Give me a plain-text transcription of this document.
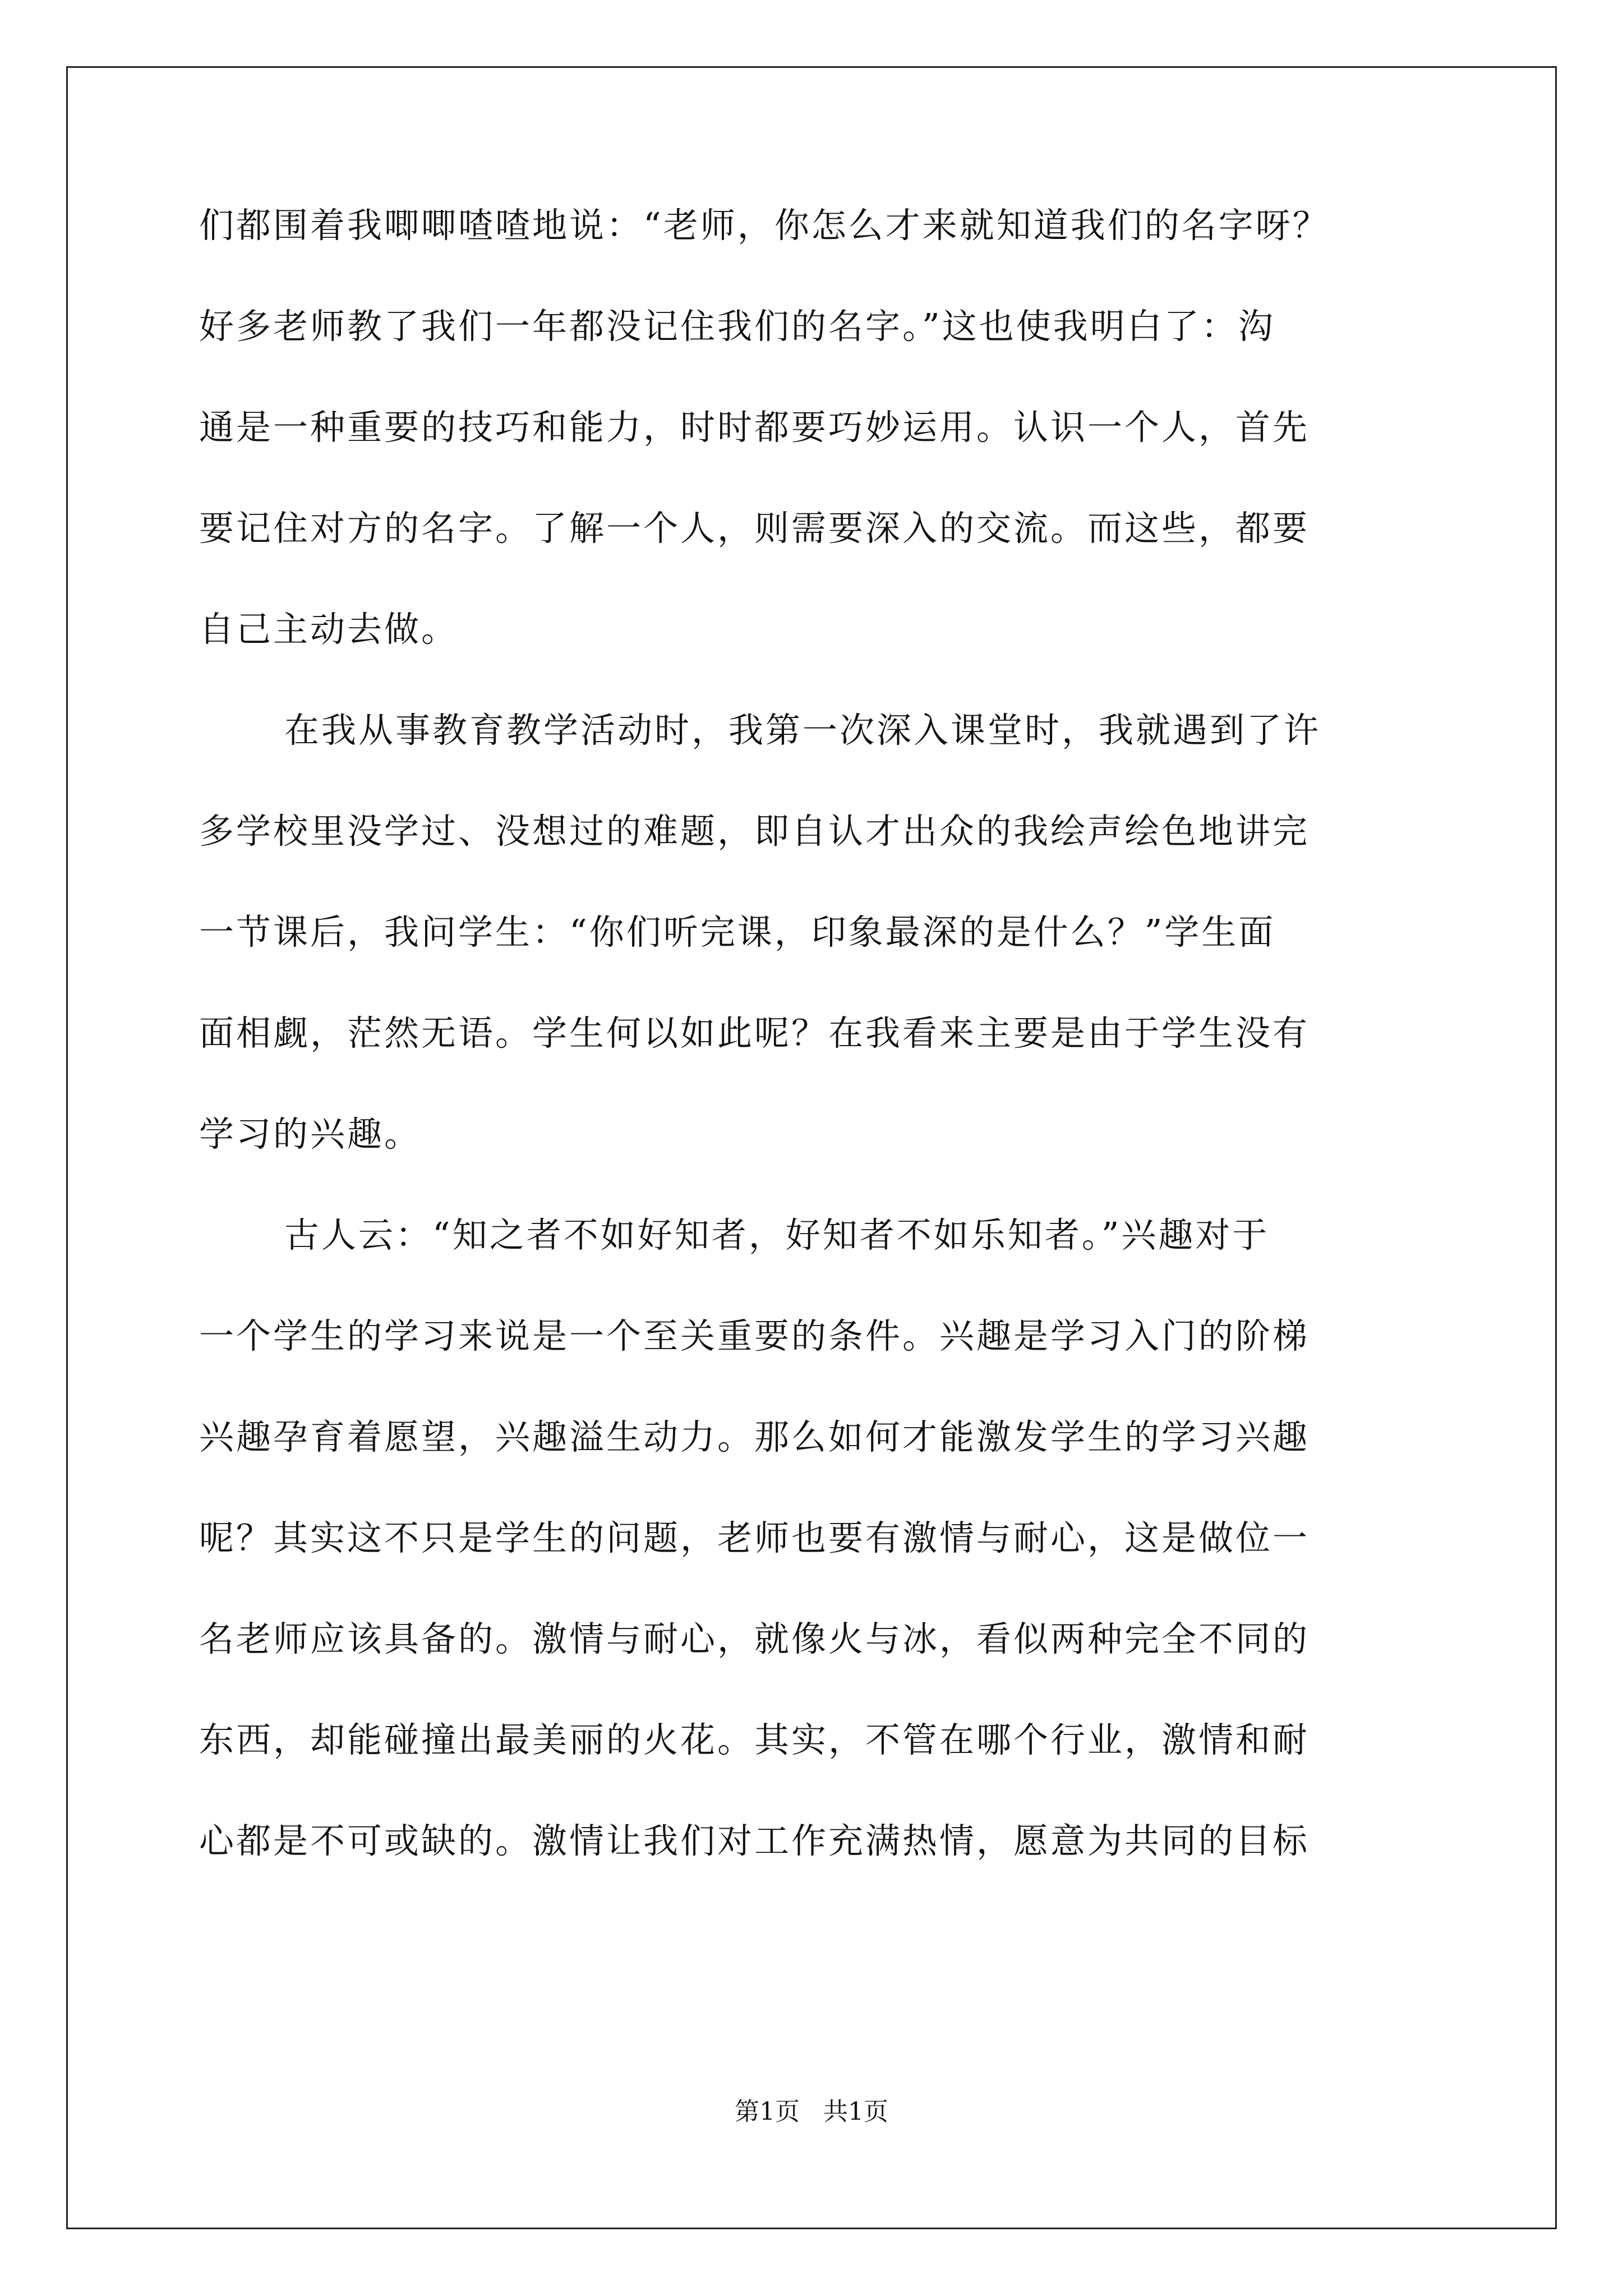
们都围着我唧唧喳喳地说：“老师，你怎么才来就知道我们的名字呀？
好多老师教了我们一年都没记住我们的名字。”这也使我明白了：沟
通是一种重要的技巧和能力，时时都要巧妙运用。认识一个人，首先
要记住对方的名字。了解一个人，则需要深入的交流。而这些，都要
自己主动去做。
在我从事教育教学活动时，我第一次深入课堂时，我就遇到了许
多学校里没学过、没想过的难题，即自认才出众的我绘声绘色地讲完
一节课后，我问学生：“你们听完课，印象最深的是什么？”学生面
面相觑，茫然无语。学生何以如此呢？在我看来主要是由于学生没有
学习的兴趣。
古人云：“知之者不如好知者，好知者不如乐知者。”兴趣对于
一个学生的学习来说是一个至关重要的条件。兴趣是学习入门的阶梯
兴趣孕育着愿望，兴趣溢生动力。那么如何才能激发学生的学习兴趣
呢？其实这不只是学生的问题，老师也要有激情与耐心，这是做位一
名老师应该具备的。激情与耐心，就像火与冰，看似两种完全不同的
东西，却能碰撞出最美丽的火花。其实，不管在哪个行业，激情和耐
心都是不可或缺的。激情让我们对工作充满热情，愿意为共同的目标
第1页   共1页
